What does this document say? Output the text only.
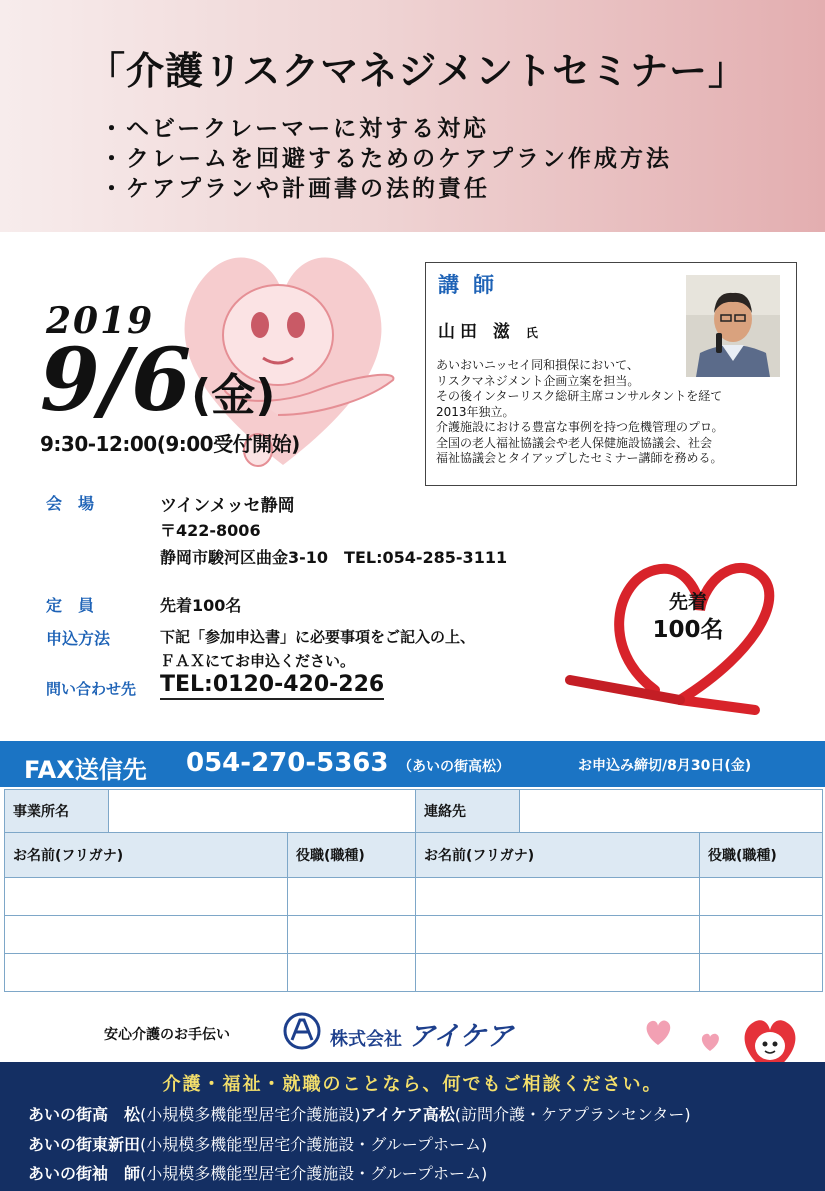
「介護リスクマネジメントセミナー」
・ヘビークレーマーに対する対応
・クレームを回避するためのケアプラン作成方法
・ケアプランや計画書の法的責任
2019
9/6(金)
9:30-12:00(9:00受付開始)
講師
山田 滋 氏

あいおいニッセイ同和損保において、

リスクマネジメント企画立案を担当。

その後インターリスク総研主席コンサルタントを経て

2013年独立。

介護施設における豊富な事例を持つ危機管理のプロ。

全国の老人福祉協議会や老人保健施設協議会、社会

福祉協議会とタイアップしたセミナー講師を務める。

会　場	ツインメッセ静岡
〒422-8006
静岡市駿河区曲金3-10　TEL:054-285-3111
定　員	先着100名
申込方法	下記「参加申込書」に必要事項をご記入の上、
ＦＡＸにてお申込ください。
問い合わせ先 TEL:0120-420-226
先着
100名
FAX送信先 054-270-5363 （あいの街高松）	お申込み締切/8月30日(金)
事業所名			連絡先		
お名前(フリガナ)		役職(職種)	お名前(フリガナ)		役職(職種)

安心介護のお手伝い	株式会社 アイケア
介護・福祉・就職のことなら、何でもご相談ください。
あいの街高　松(小規模多機能型居宅介護施設)アイケア高松(訪問介護・ケアプランセンター)
あいの街東新田(小規模多機能型居宅介護施設・グループホーム)
あいの街袖　師(小規模多機能型居宅介護施設・グループホーム)
